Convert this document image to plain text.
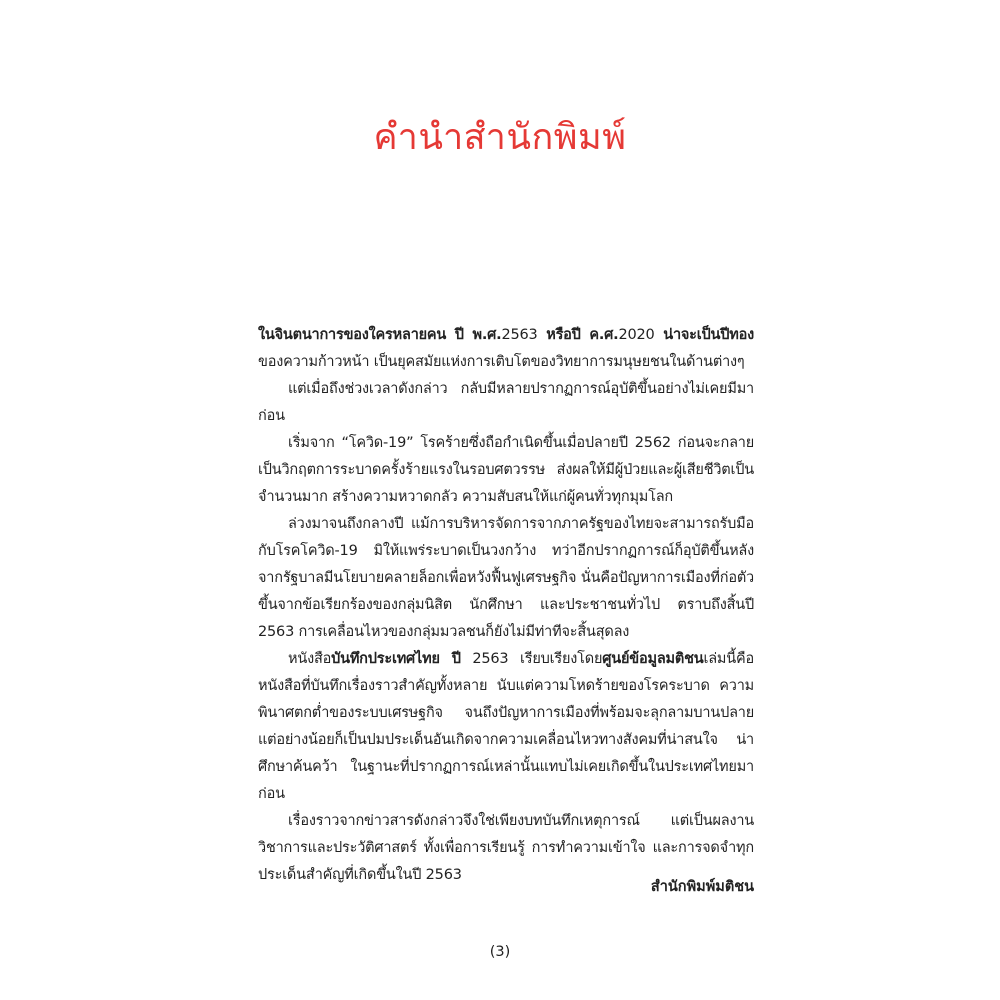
คำนำสำนักพิมพ์

ในจินตนาการของใครหลายคน ปี พ.ศ.2563 หรือปี ค.ศ.2020 น่าจะเป็นปีทอง ของความก้าวหน้า เป็นยุคสมัยแห่งการเติบโตของวิทยาการมนุษยชนในด้านต่างๆ

แต่เมื่อถึงช่วงเวลาดังกล่าว กลับมีหลายปรากฏการณ์อุบัติขึ้นอย่างไม่เคยมีมาก่อน

เริ่มจาก “โควิด-19” โรคร้ายซึ่งถือกำเนิดขึ้นเมื่อปลายปี 2562 ก่อนจะกลายเป็นวิกฤตการระบาดครั้งร้ายแรงในรอบศตวรรษ ส่งผลให้มีผู้ป่วยและผู้เสียชีวิตเป็นจำนวนมาก สร้างความหวาดกลัว ความสับสนให้แก่ผู้คนทั่วทุกมุมโลก

ล่วงมาจนถึงกลางปี แม้การบริหารจัดการจากภาครัฐของไทยจะสามารถรับมือกับโรคโควิด-19 มิให้แพร่ระบาดเป็นวงกว้าง ทว่าอีกปรากฏการณ์ก็อุบัติขึ้นหลังจากรัฐบาลมีนโยบายคลายล็อกเพื่อหวังฟื้นฟูเศรษฐกิจ นั่นคือปัญหาการเมืองที่ก่อตัวขึ้นจากข้อเรียกร้องของกลุ่มนิสิต นักศึกษา และประชาชนทั่วไป ตราบถึงสิ้นปี 2563 การเคลื่อนไหวของกลุ่มมวลชนก็ยังไม่มีท่าทีจะสิ้นสุดลง

หนังสือบันทึกประเทศไทย ปี 2563 เรียบเรียงโดยศูนย์ข้อมูลมติชนเล่มนี้คือหนังสือที่บันทึกเรื่องราวสำคัญทั้งหลาย นับแต่ความโหดร้ายของโรคระบาด ความพินาศตกต่ำของระบบเศรษฐกิจ จนถึงปัญหาการเมืองที่พร้อมจะลุกลามบานปลาย แต่อย่างน้อยก็เป็นปมประเด็นอันเกิดจากความเคลื่อนไหวทางสังคมที่น่าสนใจ น่าศึกษาค้นคว้า ในฐานะที่ปรากฏการณ์เหล่านั้นแทบไม่เคยเกิดขึ้นในประเทศไทยมาก่อน

เรื่องราวจากข่าวสารดังกล่าวจึงใช่เพียงบทบันทึกเหตุการณ์ แต่เป็นผลงานวิชาการและประวัติศาสตร์ ทั้งเพื่อการเรียนรู้ การทำความเข้าใจ และการจดจำทุกประเด็นสำคัญที่เกิดขึ้นในปี 2563

สำนักพิมพ์มติชน
(3)
